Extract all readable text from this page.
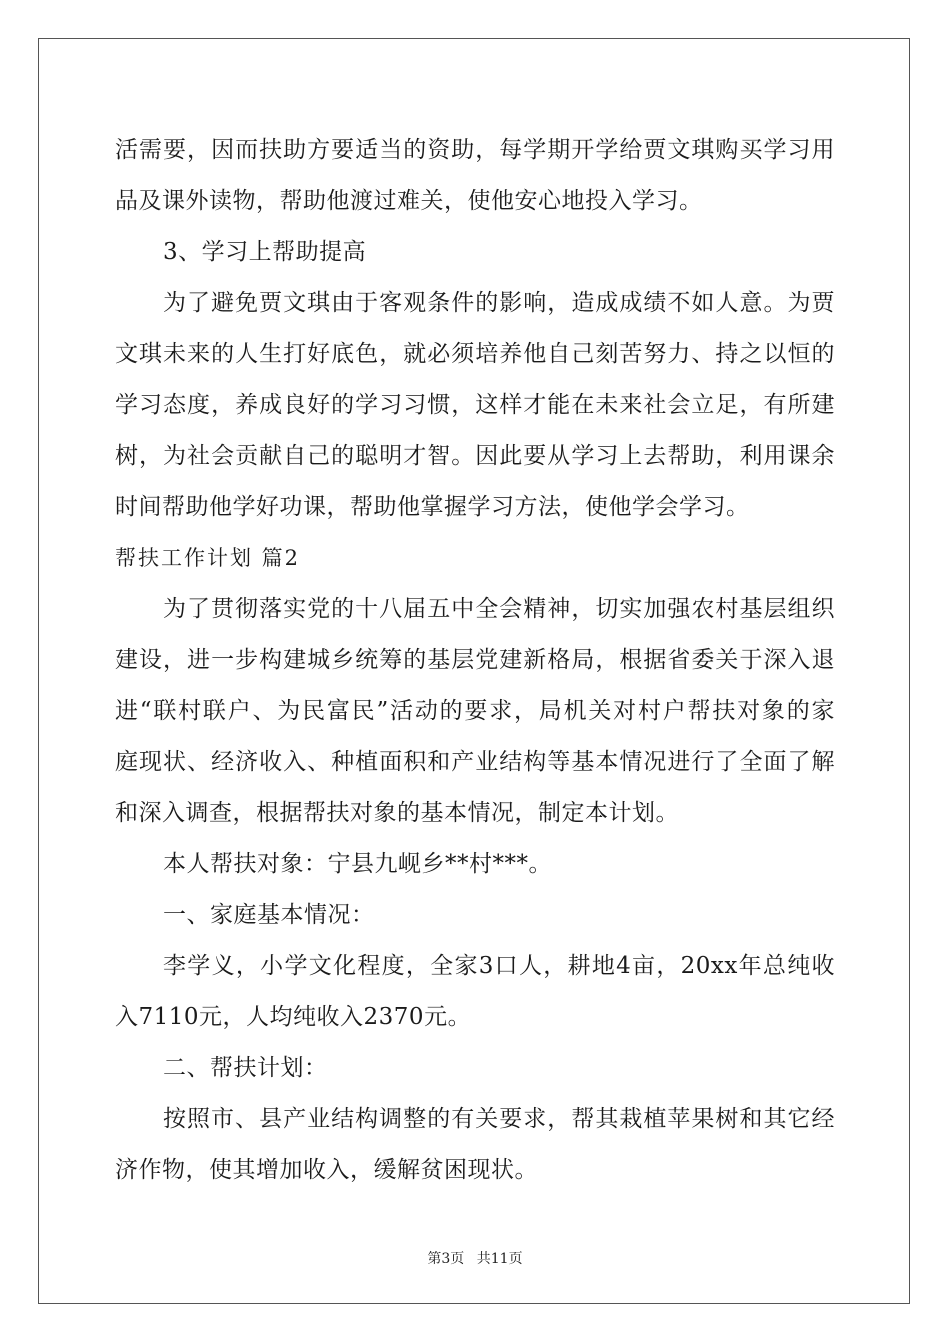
活需要，因而扶助方要适当的资助，每学期开学给贾文琪购买学习用
品及课外读物，帮助他渡过难关，使他安心地投入学习。
3、学习上帮助提高
为了避免贾文琪由于客观条件的影响，造成成绩不如人意。为贾
文琪未来的人生打好底色，就必须培养他自己刻苦努力、持之以恒的
学习态度，养成良好的学习习惯，这样才能在未来社会立足，有所建
树，为社会贡献自己的聪明才智。因此要从学习上去帮助，利用课余
时间帮助他学好功课，帮助他掌握学习方法，使他学会学习。
帮扶工作计划 篇2
为了贯彻落实党的十八届五中全会精神，切实加强农村基层组织
建设，进一步构建城乡统筹的基层党建新格局，根据省委关于深入退
进“联村联户、为民富民”活动的要求，局机关对村户帮扶对象的家
庭现状、经济收入、种植面积和产业结构等基本情况进行了全面了解
和深入调查，根据帮扶对象的基本情况，制定本计划。
本人帮扶对象：宁县九岘乡**村***。
一、家庭基本情况：
李学义，小学文化程度，全家3口人，耕地4亩，20xx年总纯收
入7110元，人均纯收入2370元。
二、帮扶计划：
按照市、县产业结构调整的有关要求，帮其栽植苹果树和其它经
济作物，使其增加收入，缓解贫困现状。
第3页 共11页
